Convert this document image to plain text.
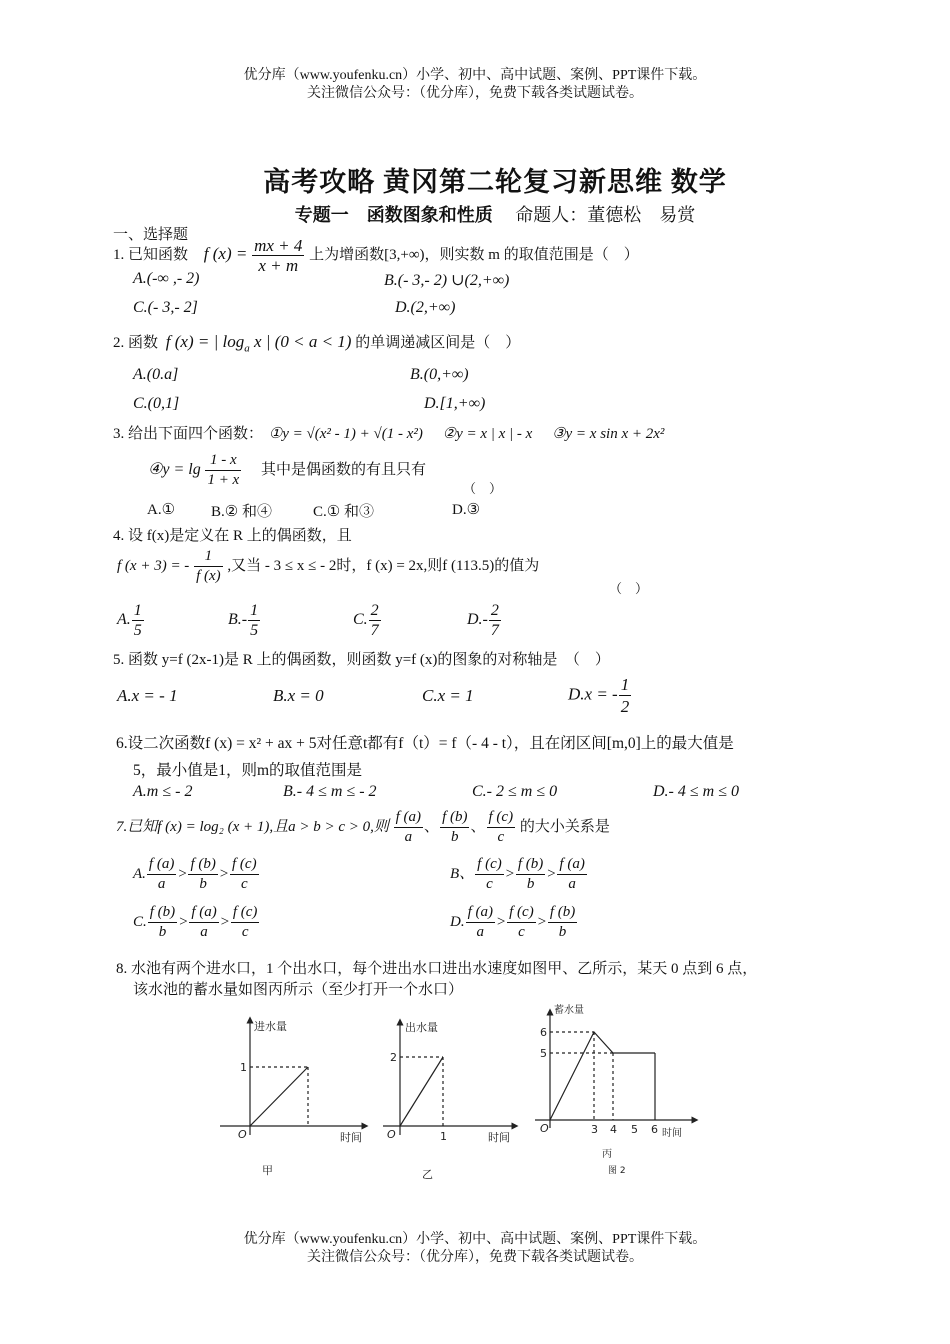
优分库（www.youfenku.cn）小学、初中、高中试题、案例、PPT课件下载。
关注微信公众号：（优分库），免费下载各类试题试卷。
高考攻略 黄冈第二轮复习新思维 数学
专题一　函数图象和性质 命题人：董德松　易赏
一、选择题
1. 已知函数 f $(x) = \frac{mx + 4}{x + m}$ 上为增函数[3,+∞)，则实数 m 的取值范围是（　）
A.(-∞ ,- 2)	B.(- 3,- 2) ∪(2,+∞)
C.(- 3,- 2]	D.(2,+∞)
2. 函数 f (x) = | $\log_a x$ | (0 < a < 1) 的单调递减区间是（　）
A.(0.a]	B.(0,+∞)
C.(0,1]	D.[1,+∞)
3. 给出下面四个函数： ①y = √(x² - 1) + √(1 - x²) ②y = x | x | - x ③y = x sin x + 2x²
④y = $\lg \frac{1 - x}{1 + x}$ 　其中是偶函数的有且只有
（　）
A.① B.② 和④	C.① 和③	D.③
4. 设 f(x)是定义在 R 上的偶函数，且
f (x + 3) = - $\frac{1}{f (x)}$ ,又当 - 3 ≤ x ≤ - 2时，f (x) = 2x,则f (113.5)的值为
（　）
A. $\frac{1}{5}$	$B.- \frac{1}{5}$	C. $\frac{2}{7}$	$D.- \frac{2}{7}$
5. 函数 y=f (2x-1)是 R 上的偶函数，则函数 y=f (x)的图象的对称轴是　（　）
A.x = - 1	B.x = 0	C.x = 1	D.x = - $\frac{1}{2}$
6.设二次函数f (x) = x² + ax + 5对任意t都有f（t）= f（- 4 - t），且在闭区间[m,0]上的最大值是
5，最小值是1，则m的取值范围是
A.m ≤ - 2	B.- 4 ≤ m ≤ - 2	C.- 2 ≤ m ≤ 0	D.- 4 ≤ m ≤ 0
7.已知f (x) = log₂ (x + 1),且a > b > c > 0,则 $\frac{f (a)}{a}$ 、 $\frac{f (b)}{b}$ 、 $\frac{f (c)}{c}$ 的大小关系是
A. $\frac{f (a)}{a} > \frac{f (b)}{b} > \frac{f (c)}{c}$	B、 $\frac{f (c)}{c} > \frac{f (b)}{b} > \frac{f (a)}{a}$
C. $\frac{f (b)}{b} > \frac{f (a)}{a} > \frac{f (c)}{c}$	D. $\frac{f (a)}{a} > \frac{f (c)}{c} > \frac{f (b)}{b}$
8. 水池有两个进水口，1 个出水口，每个进出水口进出水速度如图甲、乙所示，某天 0 点到 6 点，
该水池的蓄水量如图丙所示（至少打开一个水口）
进水量
时间
O
1
甲
出水量
时间
O
2
1
乙
蓄水量
时间
O
6
5
3 4 5 6
丙
图 2
优分库（www.youfenku.cn）小学、初中、高中试题、案例、PPT课件下载。
关注微信公众号：（优分库），免费下载各类试题试卷。
